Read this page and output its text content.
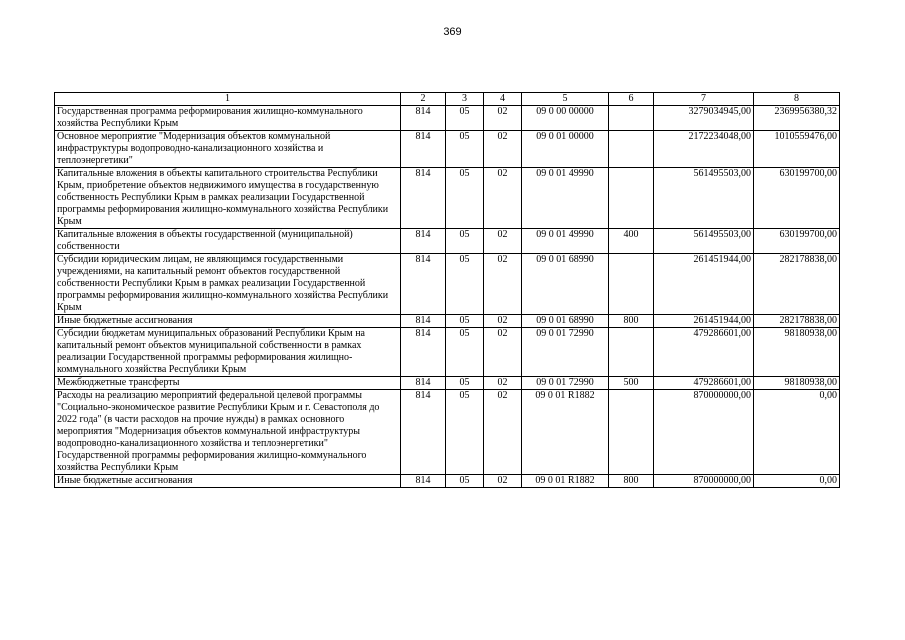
369
1	2	3	4	5	6	7	8
Государственная программа реформирования жилищно-коммунального хозяйства Республики Крым	814	05	02	09 0 00 00000		3279034945,00	2369956380,32
Основное мероприятие "Модернизация объектов коммунальной инфраструктуры водопроводно-канализационного хозяйства и теплоэнергетики"	814	05	02	09 0 01 00000		2172234048,00	1010559476,00
Капитальные вложения в объекты капитального строительства Республики Крым, приобретение объектов недвижимого имущества в государственную собственность Республики Крым в рамках реализации Государственной программы реформирования жилищно-коммунального хозяйства Республики Крым	814	05	02	09 0 01 49990		561495503,00	630199700,00
Капитальные вложения в объекты государственной (муниципальной) собственности	814	05	02	09 0 01 49990	400	561495503,00	630199700,00
Субсидии юридическим лицам, не являющимся государственными учреждениями, на капитальный ремонт объектов государственной собственности Республики Крым в рамках реализации Государственной программы реформирования жилищно-коммунального хозяйства Республики Крым	814	05	02	09 0 01 68990		261451944,00	282178838,00
Иные бюджетные ассигнования	814	05	02	09 0 01 68990	800	261451944,00	282178838,00
Субсидии бюджетам муниципальных образований Республики Крым на капитальный ремонт объектов муниципальной собственности в рамках реализации Государственной программы реформирования жилищно-коммунального хозяйства Республики Крым	814	05	02	09 0 01 72990		479286601,00	98180938,00
Межбюджетные трансферты	814	05	02	09 0 01 72990	500	479286601,00	98180938,00
Расходы на реализацию мероприятий федеральной целевой программы "Социально-экономическое развитие Республики Крым и г. Севастополя до 2022 года" (в части расходов на прочие нужды) в рамках основного мероприятия "Модернизация объектов коммунальной инфраструктуры водопроводно-канализационного хозяйства и теплоэнергетики" Государственной программы реформирования жилищно-коммунального хозяйства Республики Крым	814	05	02	09 0 01 R1882		870000000,00	0,00
Иные бюджетные ассигнования	814	05	02	09 0 01 R1882	800	870000000,00	0,00
